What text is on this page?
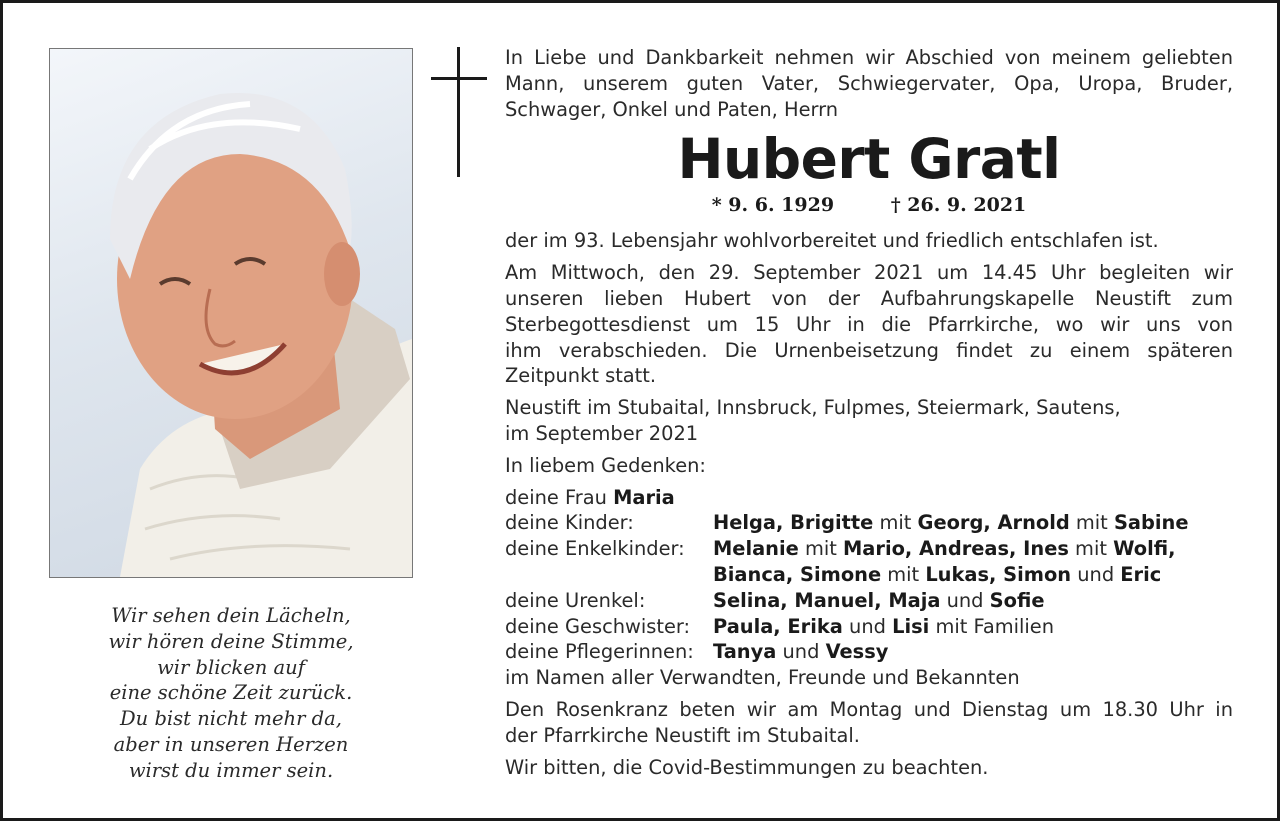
Wir sehen dein Lächeln,
wir hören deine Stimme,
wir blicken auf
eine schöne Zeit zurück.
Du bist nicht mehr da,
aber in unseren Herzen
wirst du immer sein.
In Liebe und Dankbarkeit nehmen wir Abschied von meinem geliebten
Mann, unserem guten Vater, Schwiegervater, Opa, Uropa, Bruder,
Schwager, Onkel und Paten, Herrn
Hubert Gratl
* 9. 6. 1929	† 26. 9. 2021
der im 93. Lebensjahr wohlvorbereitet und friedlich entschlafen ist.
Am Mittwoch, den 29. September 2021 um 14.45 Uhr begleiten wir
unseren lieben Hubert von der Aufbahrungskapelle Neustift zum
Sterbegottesdienst um 15 Uhr in die Pfarrkirche, wo wir uns von
ihm verabschieden. Die Urnenbeisetzung findet zu einem späteren
Zeitpunkt statt.
Neustift im Stubaital, Innsbruck, Fulpmes, Steiermark, Sautens,
im September 2021
In liebem Gedenken:
deine Frau Maria
deine Kinder:	Helga, Brigitte mit Georg, Arnold mit Sabine
deine Enkelkinder:	Melanie mit Mario, Andreas, Ines mit Wolfi,
Bianca, Simone mit Lukas, Simon und Eric
deine Urenkel:	Selina, Manuel, Maja und Sofie
deine Geschwister:	Paula, Erika und Lisi mit Familien
deine Pflegerinnen: Tanya und Vessy
im Namen aller Verwandten, Freunde und Bekannten
Den Rosenkranz beten wir am Montag und Dienstag um 18.30 Uhr in
der Pfarrkirche Neustift im Stubaital.
Wir bitten, die Covid-Bestimmungen zu beachten.
